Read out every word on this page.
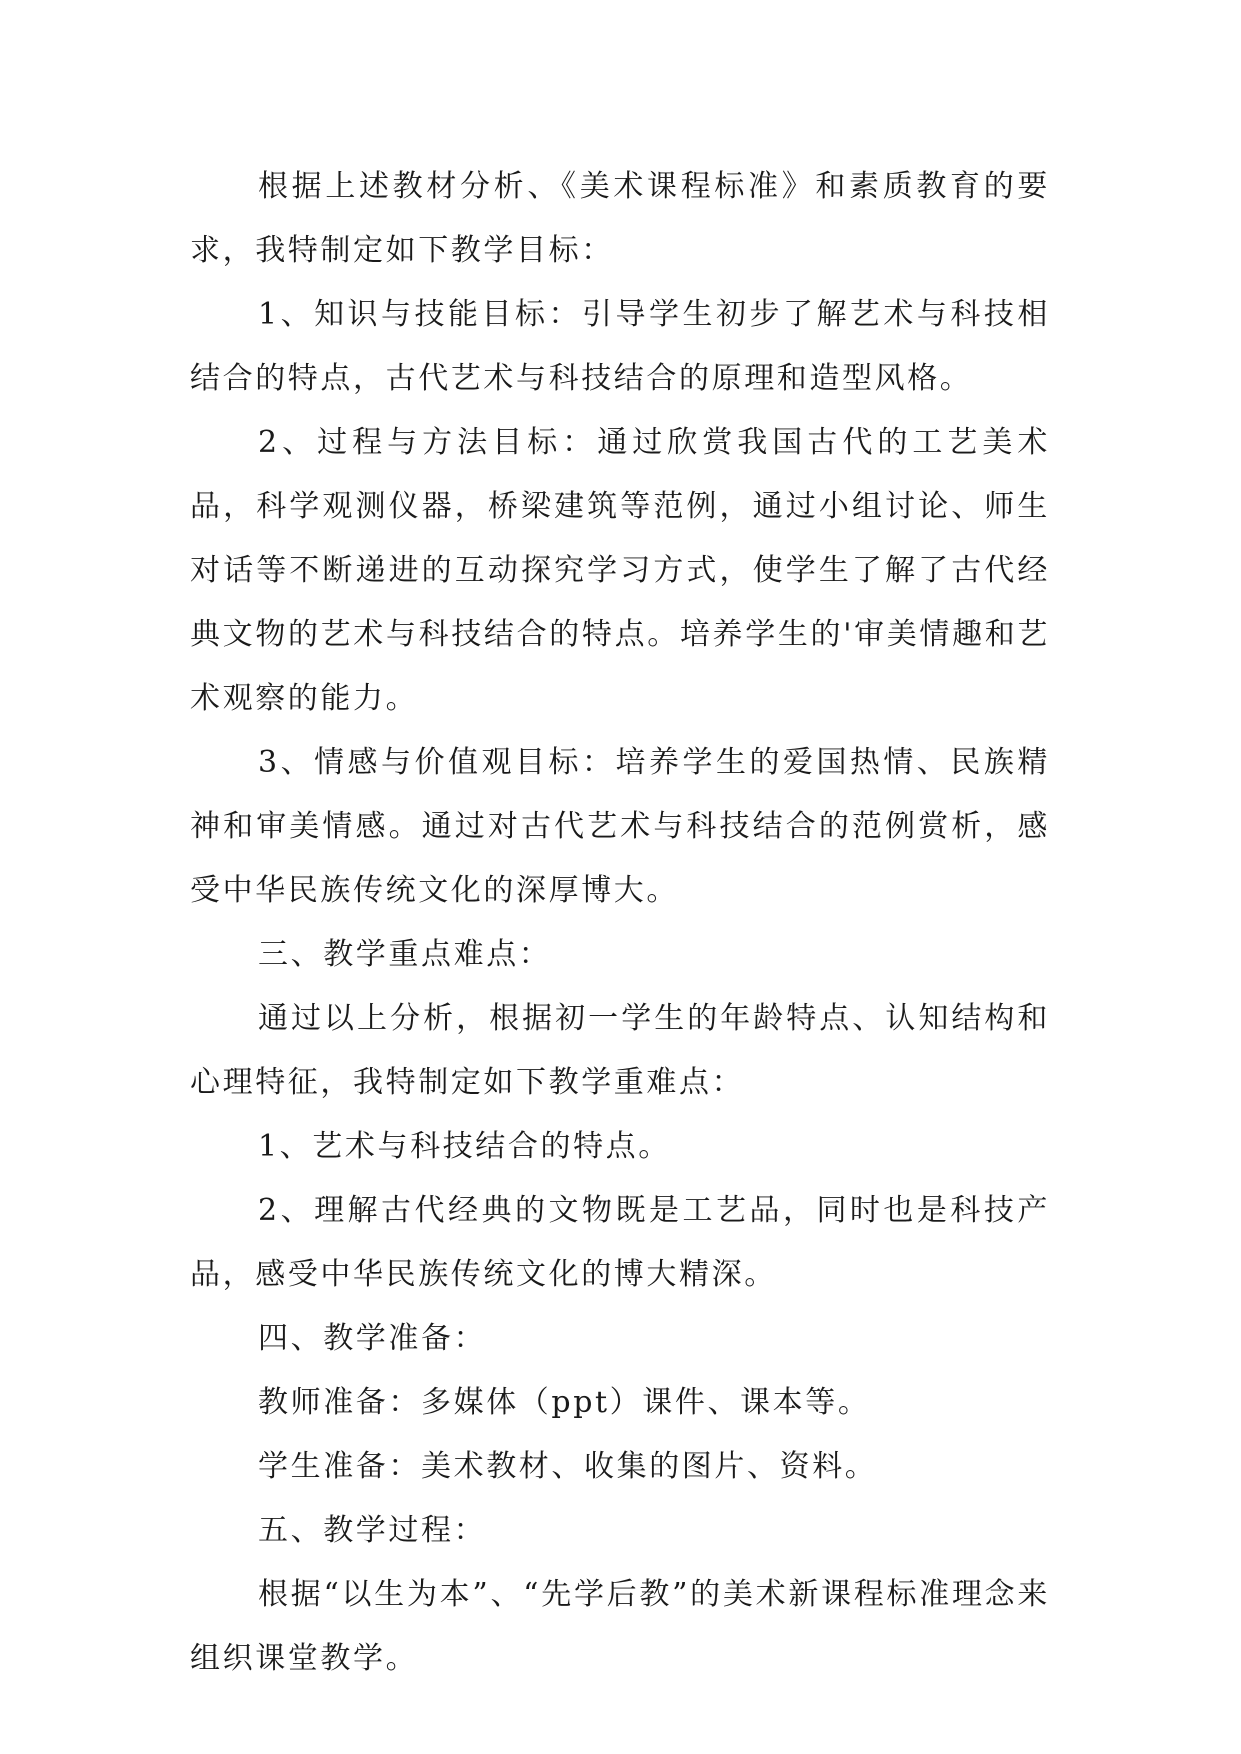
根据上述教材分析、《美术课程标准》和素质教育的要求，我特制定如下教学目标：

1、知识与技能目标：引导学生初步了解艺术与科技相结合的特点，古代艺术与科技结合的原理和造型风格。

2、过程与方法目标：通过欣赏我国古代的工艺美术品，科学观测仪器，桥梁建筑等范例，通过小组讨论、师生对话等不断递进的互动探究学习方式，使学生了解了古代经典文物的艺术与科技结合的特点。培养学生的'审美情趣和艺术观察的能力。

3、情感与价值观目标：培养学生的爱国热情、民族精神和审美情感。通过对古代艺术与科技结合的范例赏析，感受中华民族传统文化的深厚博大。

三、教学重点难点：

通过以上分析，根据初一学生的年龄特点、认知结构和心理特征，我特制定如下教学重难点：

1、艺术与科技结合的特点。

2、理解古代经典的文物既是工艺品，同时也是科技产品，感受中华民族传统文化的博大精深。

四、教学准备：

教师准备：多媒体（ppt）课件、课本等。

学生准备：美术教材、收集的图片、资料。

五、教学过程：

根据“以生为本”、“先学后教”的美术新课程标准理念来组织课堂教学。
